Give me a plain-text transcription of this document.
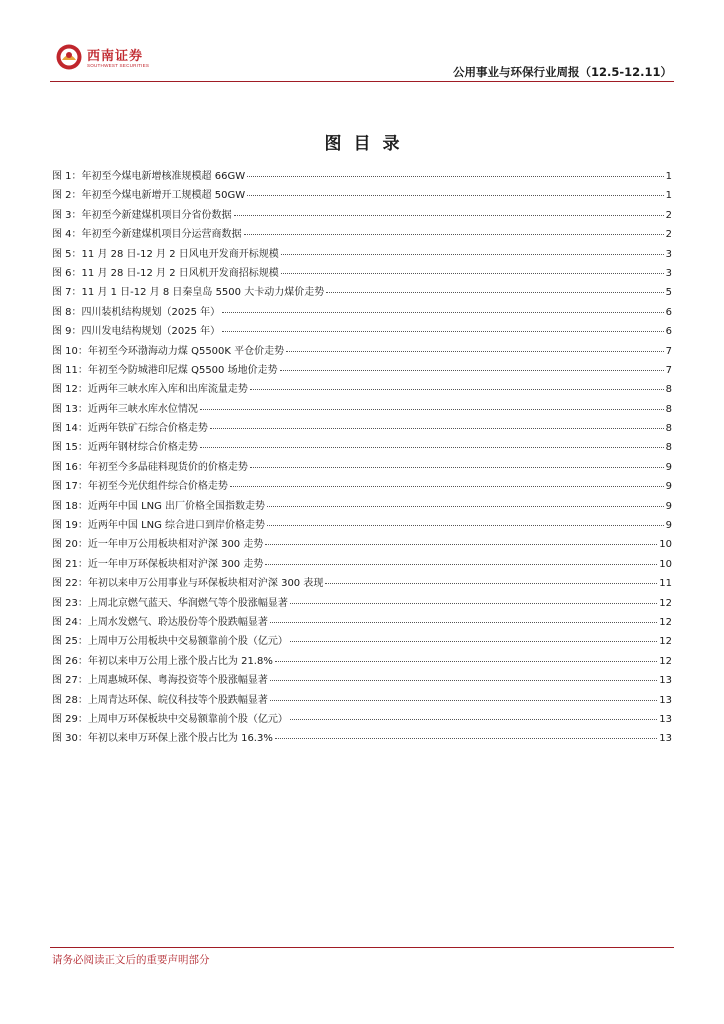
西南证券
SOUTHWEST SECURITIES	公用事业与环保行业周报（12.5-12.11）
图目录
图 1：年初至今煤电新增核准规模超 66GW	1
图 2：年初至今煤电新增开工规模超 50GW	1
图 3：年初至今新建煤机项目分省份数据	2
图 4：年初至今新建煤机项目分运营商数据	2
图 5：11 月 28 日-12 月 2 日风电开发商开标规模	3
图 6：11 月 28 日-12 月 2 日风机开发商招标规模	3
图 7：11 月 1 日-12 月 8 日秦皇岛 5500 大卡动力煤价走势	5
图 8：四川装机结构规划（2025 年）	6
图 9：四川发电结构规划（2025 年）	6
图 10：年初至今环渤海动力煤 Q5500K 平仓价走势	7
图 11：年初至今防城港印尼煤 Q5500 场地价走势	7
图 12：近两年三峡水库入库和出库流量走势	8
图 13：近两年三峡水库水位情况	8
图 14：近两年铁矿石综合价格走势	8
图 15：近两年钢材综合价格走势	8
图 16：年初至今多晶硅料现货价的价格走势	9
图 17：年初至今光伏组件综合价格走势	9
图 18：近两年中国 LNG 出厂价格全国指数走势	9
图 19：近两年中国 LNG 综合进口到岸价格走势	9
图 20：近一年申万公用板块相对沪深 300 走势	10
图 21：近一年申万环保板块相对沪深 300 走势	10
图 22：年初以来申万公用事业与环保板块相对沪深 300 表现	11
图 23：上周北京燃气蓝天、华润燃气等个股涨幅显著	12
图 24：上周水发燃气、聆达股份等个股跌幅显著	12
图 25：上周申万公用板块中交易额靠前个股（亿元）	12
图 26：年初以来申万公用上涨个股占比为 21.8%	12
图 27：上周惠城环保、粤海投资等个股涨幅显著	13
图 28：上周青达环保、皖仪科技等个股跌幅显著	13
图 29：上周申万环保板块中交易额靠前个股（亿元）	13
图 30：年初以来申万环保上涨个股占比为 16.3%	13
请务必阅读正文后的重要声明部分
